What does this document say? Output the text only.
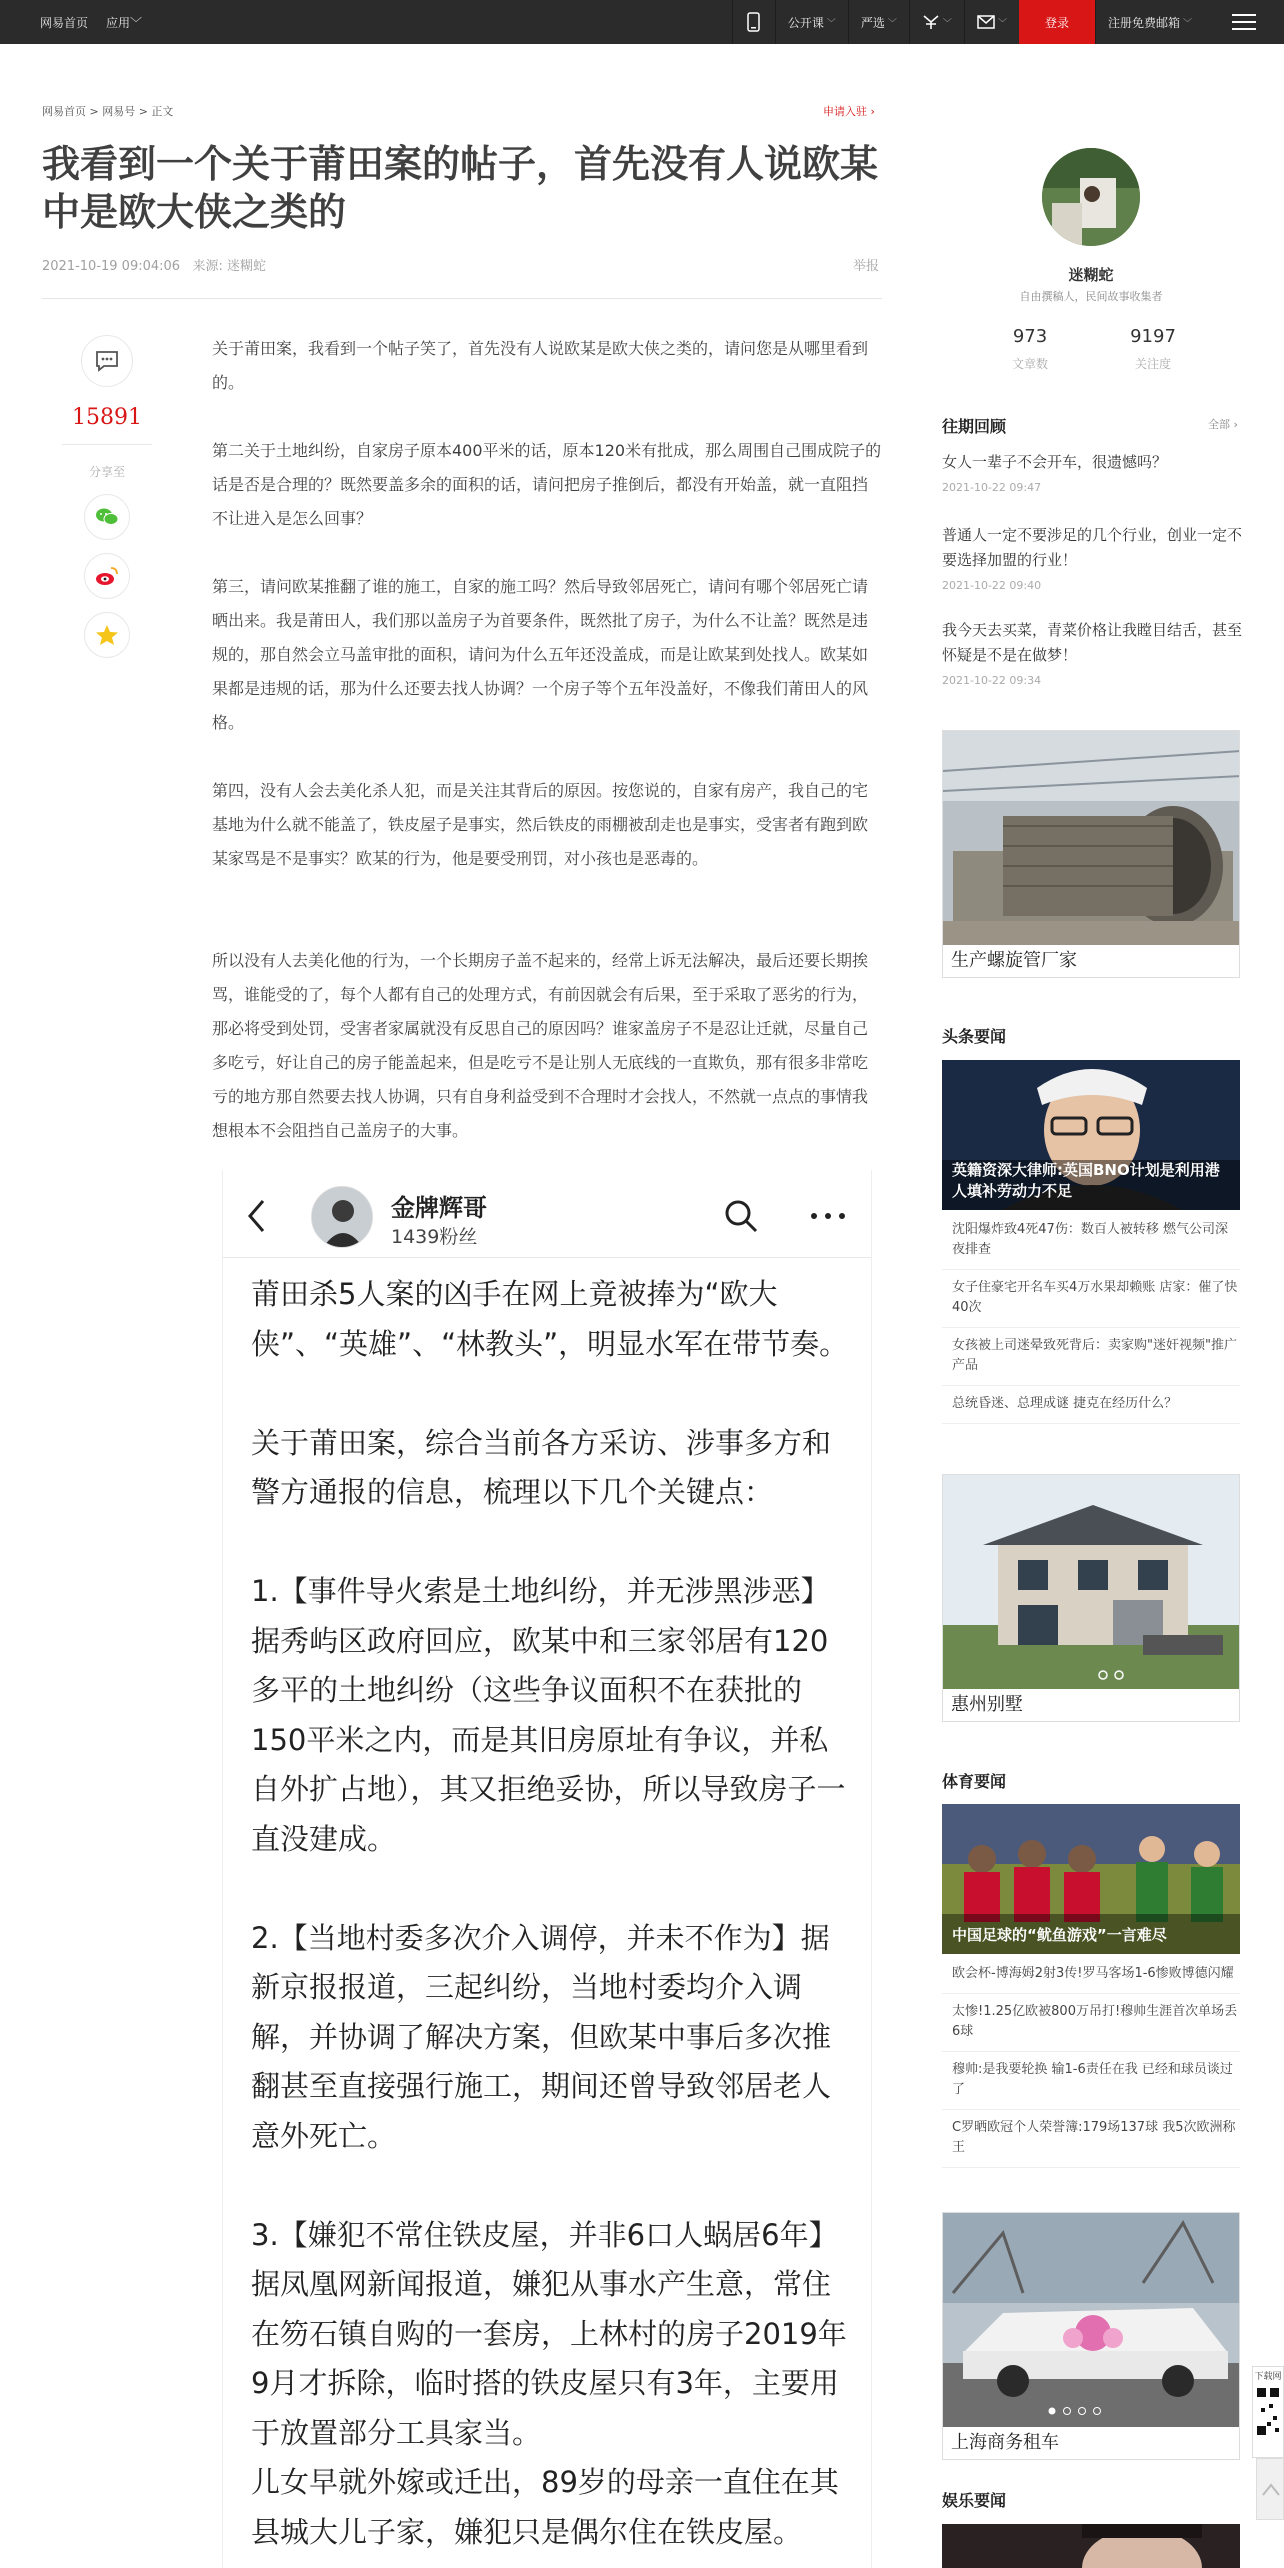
网易首页 应用﹀	公开课 ﹀ 严选 ﹀	﹀	﹀	登录	注册免费邮箱 ﹀
网易首页 > 网易号 > 正文	申请入驻 ›
我看到一个关于莆田案的帖子，首先没有人说欧某中是欧大侠之类的
2021-10-19 09:04:06 来源: 迷糊蛇	举报
15891
分享至

关于莆田案，我看到一个帖子笑了，首先没有人说欧某是欧大侠之类的，请问您是从哪里看到的。

第二关于土地纠纷，自家房子原本400平米的话，原本120米有批成，那么周围自己围成院子的话是否是合理的？既然要盖多余的面积的话，请问把房子推倒后，都没有开始盖，就一直阻挡不让进入是怎么回事？

第三，请问欧某推翻了谁的施工，自家的施工吗？然后导致邻居死亡，请问有哪个邻居死亡请晒出来。我是莆田人，我们那以盖房子为首要条件，既然批了房子，为什么不让盖？既然是违规的，那自然会立马盖审批的面积，请问为什么五年还没盖成，而是让欧某到处找人。欧某如果都是违规的话，那为什么还要去找人协调？一个房子等个五年没盖好，不像我们莆田人的风格。

第四，没有人会去美化杀人犯，而是关注其背后的原因。按您说的，自家有房产，我自己的宅基地为什么就不能盖了，铁皮屋子是事实，然后铁皮的雨棚被刮走也是事实，受害者有跑到欧某家骂是不是事实？欧某的行为，他是要受刑罚，对小孩也是恶毒的。

所以没有人去美化他的行为，一个长期房子盖不起来的，经常上诉无法解决，最后还要长期挨骂，谁能受的了，每个人都有自己的处理方式，有前因就会有后果，至于采取了恶劣的行为，那必将受到处罚，受害者家属就没有反思自己的原因吗？谁家盖房子不是忍让迁就，尽量自己多吃亏，好让自己的房子能盖起来，但是吃亏不是让别人无底线的一直欺负，那有很多非常吃亏的地方那自然要去找人协调，只有自身利益受到不合理时才会找人，不然就一点点的事情我想根本不会阻挡自己盖房子的大事。

金牌辉哥
1439粉丝

莆田杀5人案的凶手在网上竟被捧为“欧大侠”、“英雄”、“林教头”，明显水军在带节奏。

关于莆田案，综合当前各方采访、涉事多方和警方通报的信息，梳理以下几个关键点：

1.【事件导火索是土地纠纷，并无涉黑涉恶】据秀屿区政府回应，欧某中和三家邻居有120多平的土地纠纷（这些争议面积不在获批的150平米之内，而是其旧房原址有争议，并私自外扩占地），其又拒绝妥协，所以导致房子一直没建成。

2.【当地村委多次介入调停，并未不作为】据新京报报道，三起纠纷，当地村委均介入调解，并协调了解决方案，但欧某中事后多次推翻甚至直接强行施工，期间还曾导致邻居老人意外死亡。

3.【嫌犯不常住铁皮屋，并非6口人蜗居6年】据凤凰网新闻报道，嫌犯从事水产生意，常住在笏石镇自购的一套房，上林村的房子2019年9月才拆除，临时搭的铁皮屋只有3年，主要用于放置部分工具家当。
儿女早就外嫁或迁出，89岁的母亲一直住在其县城大儿子家，嫌犯只是偶尔住在铁皮屋。

迷糊蛇
自由撰稿人，民间故事收集者
973
文章数
9197
关注度
往期回顾	全部 ›
女人一辈子不会开车，很遗憾吗？
2021-10-22 09:47
普通人一定不要涉足的几个行业，创业一定不要选择加盟的行业！
2021-10-22 09:40
我今天去买菜，青菜价格让我瞠目结舌，甚至怀疑是不是在做梦！
2021-10-22 09:34
生产螺旋管厂家
头条要闻
英籍资深大律师:英国BNO计划是利用港人填补劳动力不足
沈阳爆炸致4死47伤：数百人被转移 燃气公司深夜排查
女子住豪宅开名车买4万水果却赖账 店家：催了快40次
女孩被上司迷晕致死背后：卖家购"迷奸视频"推广产品
总统昏迷、总理成谜 捷克在经历什么？
惠州别墅
体育要闻
中国足球的“鱿鱼游戏”一言难尽
欧会杯-博海姆2射3传!罗马客场1-6惨败博德闪耀
太惨!1.25亿欧被800万吊打!穆帅生涯首次单场丢6球
穆帅:是我要轮换 输1-6责任在我 已经和球员谈过了
C罗晒欧冠个人荣誉簿:179场137球 我5次欧洲称王
上海商务租车
娱乐要闻
下载网
